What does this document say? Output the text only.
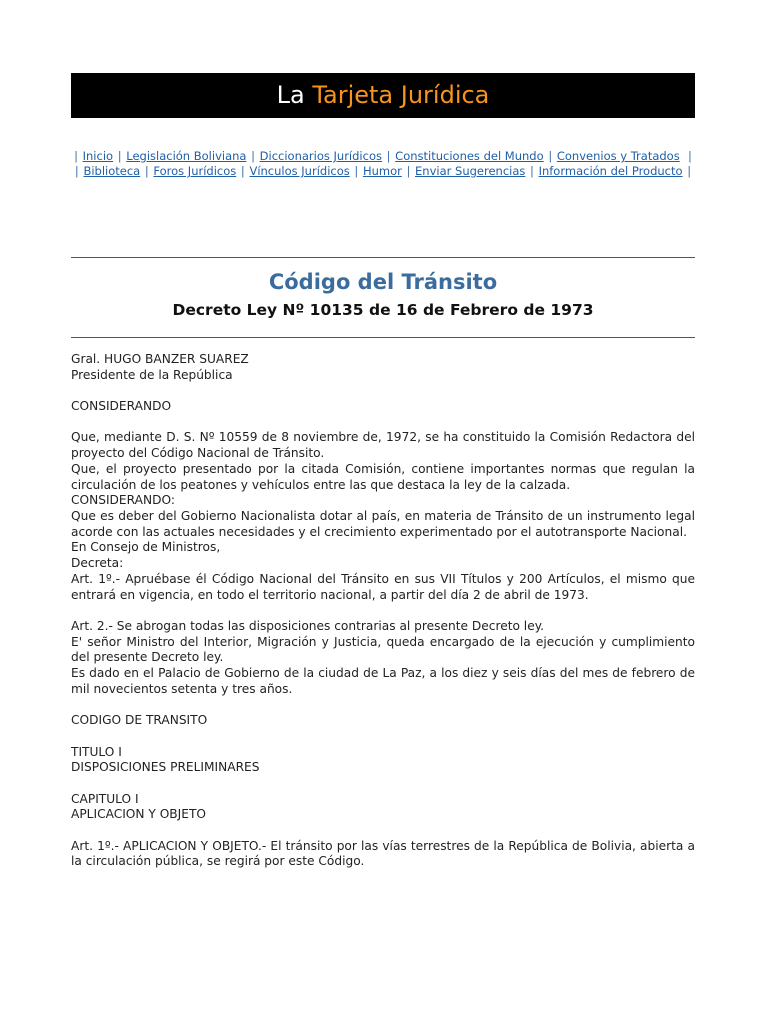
La Tarjeta Jurídica
| Inicio | Legislación Boliviana | Diccionarios Jurídicos | Constituciones del Mundo | Convenios y Tratados  |
| Biblioteca | Foros Jurídicos | Vínculos Jurídicos | Humor | Enviar Sugerencias | Información del Producto |
Código del Tránsito
Decreto Ley Nº 10135 de 16 de Febrero de 1973

Gral. HUGO BANZER SUAREZ

Presidente de la República

CONSIDERANDO

Que, mediante D. S. Nº 10559 de 8 noviembre de, 1972, se ha constituido la Comisión Redactora del proyecto del Código Nacional de Tránsito.

Que, el proyecto presentado por la citada Comisión, contiene importantes normas que regulan la circulación de los peatones y vehículos entre las que destaca la ley de la calzada.

CONSIDERANDO:

Que es deber del Gobierno Nacionalista dotar al país, en materia de Tránsito de un instrumento legal acorde con las actuales necesidades y el crecimiento experimentado por el autotransporte Nacional.

En Consejo de Ministros,

Decreta:

Art. 1º.- Apruébase él Código Nacional del Tránsito en sus VII Títulos y 200 Artículos, el mismo que entrará en vigencia, en todo el territorio nacional, a partir del día 2 de abril de 1973.

Art. 2.- Se abrogan todas las disposiciones contrarias al presente Decreto ley.

E' señor Ministro del Interior, Migración y Justicia, queda encargado de la ejecución y cumplimiento del presente Decreto ley.

Es dado en el Palacio de Gobierno de la ciudad de La Paz, a los diez y seis días del mes de febrero de mil novecientos setenta y tres años.

CODIGO DE TRANSITO

TITULO I

DISPOSICIONES PRELIMINARES

CAPITULO I

APLICACION Y OBJETO

Art. 1º.- APLICACION Y OBJETO.- El tránsito por las vías terrestres de la República de Bolivia, abierta a la circulación pública, se regirá por este Código.
